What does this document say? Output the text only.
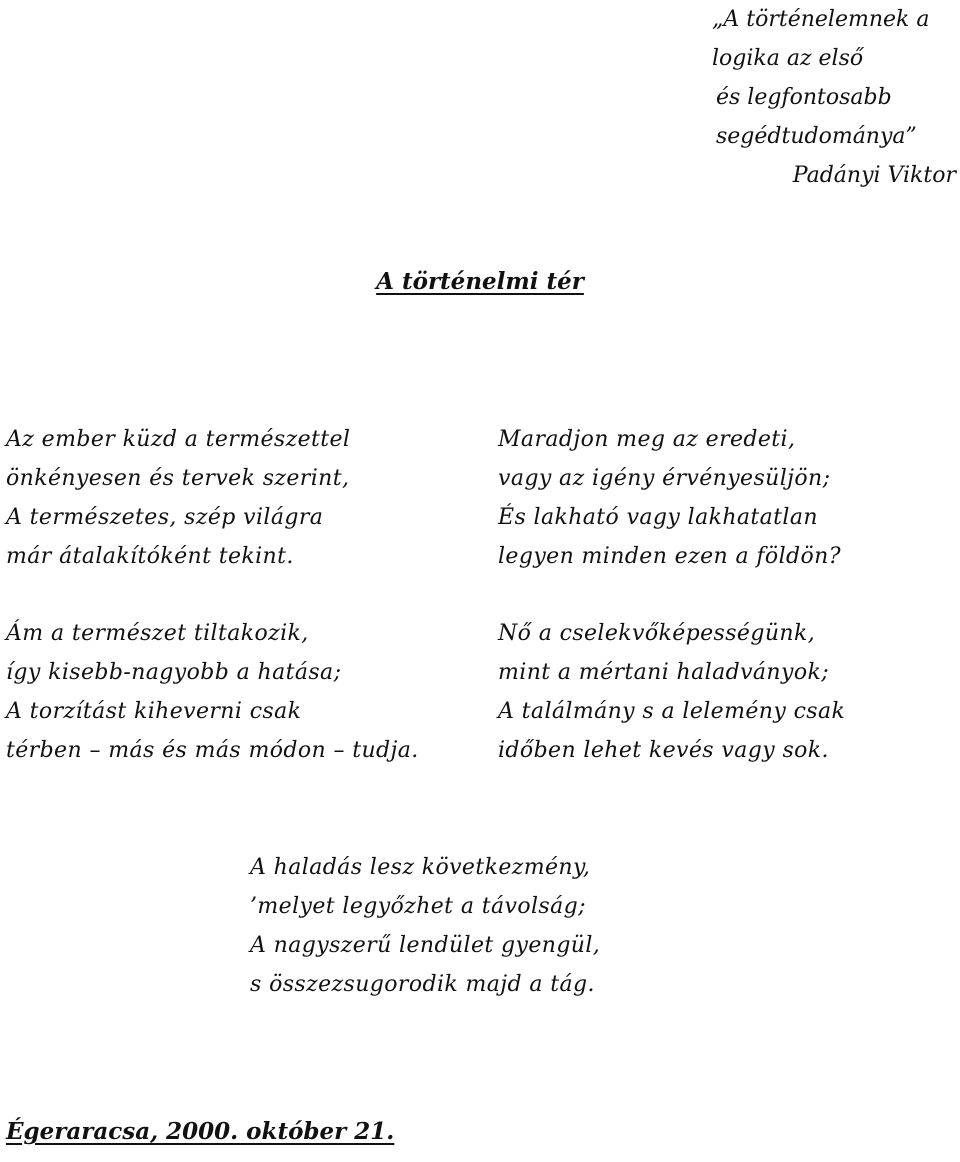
„A történelemnek a logika az első
és legfontosabb segédtudománya”
Padányi Viktor
A történelmi tér
Az ember küzd a természettel
önkényesen és tervek szerint,
A természetes, szép világra
már átalakítóként tekint.
Maradjon meg az eredeti,
vagy az igény érvényesüljön;
És lakható vagy lakhatatlan
legyen minden ezen a földön?
Ám a természet tiltakozik,
így kisebb-nagyobb a hatása;
A torzítást kiheverni csak
térben – más és más módon – tudja.
Nő a cselekvőképességünk,
mint a mértani haladványok;
A találmány s a lelemény csak
időben lehet kevés vagy sok.
A haladás lesz következmény,
’melyet legyőzhet a távolság;
A nagyszerű lendület gyengül,
s összezsugorodik majd a tág.
Égeraracsa, 2000. október 21.
